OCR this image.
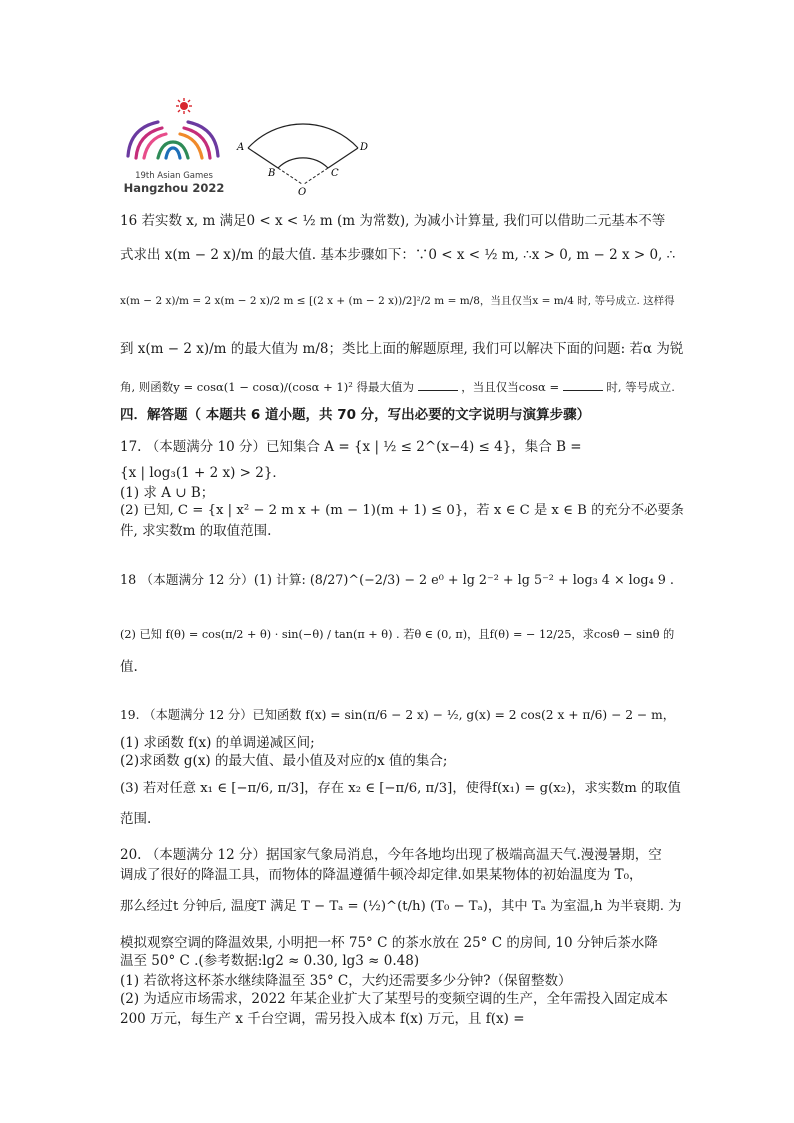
19th Asian Games
Hangzhou 2022
A
B	C
D
O
16 若实数 x, m 满足0 < x < ½ m (m 为常数), 为减小计算量, 我们可以借助二元基本不等
式求出 x(m − 2 x)/m 的最大值. 基本步骤如下：∵0 < x < ½ m, ∴x > 0, m − 2 x > 0, ∴
x(m − 2 x)/m = 2 x(m − 2 x)/2 m ≤ [(2 x + (m − 2 x))/2]²/2 m = m/8，当且仅当x = m/4 时, 等号成立. 这样得
到 x(m − 2 x)/m 的最大值为 m/8；类比上面的解题原理, 我们可以解决下面的问题: 若α 为锐
角, 则函数y = cosα(1 − cosα)/(cosα + 1)² 得最大值为	，当且仅当cosα =	时, 等号成立.
四．解答题（ 本题共 6 道小题，共 70 分，写出必要的文字说明与演算步骤）
17. （本题满分 10 分）已知集合 A = {x | ½ ≤ 2^(x−4) ≤ 4}，集合 B =
{x | log₃(1 + 2 x) > 2}．
(1) 求 A ∪ B；
(2) 已知, C = {x | x² − 2 m x + (m − 1)(m + 1) ≤ 0}，若 x ∈ C 是 x ∈ B 的充分不必要条
件, 求实数m 的取值范围.
18 （本题满分 12 分）(1) 计算: (8/27)^(−2/3) − 2 e⁰ + lg 2⁻² + lg 5⁻² + log₃ 4 × log₄ 9 .
(2) 已知 f(θ) = cos(π/2 + θ) · sin(−θ) / tan(π + θ) . 若θ ∈ (0, π)，且f(θ) = − 12/25，求cosθ − sinθ 的
值.
19. （本题满分 12 分）已知函数 f(x) = sin(π/6 − 2 x) − ½, g(x) = 2 cos(2 x + π/6) − 2 − m，
(1) 求函数 f(x) 的单调递减区间;
(2)求函数 g(x) 的最大值、最小值及对应的x 值的集合;
(3) 若对任意 x₁ ∈ [−π/6, π/3]，存在 x₂ ∈ [−π/6, π/3]，使得f(x₁) = g(x₂)，求实数m 的取值
范围.
20. （本题满分 12 分）据国家气象局消息，今年各地均出现了极端高温天气.漫漫暑期，空
调成了很好的降温工具，而物体的降温遵循牛顿冷却定律.如果某物体的初始温度为 T₀，
那么经过t 分钟后, 温度T 满足 T − Tₐ = (½)^(t/h) (T₀ − Tₐ)，其中 Tₐ 为室温,h 为半衰期. 为
模拟观察空调的降温效果, 小明把一杯 75° C 的茶水放在 25° C 的房间, 10 分钟后茶水降
温至 50° C .(参考数据:lg2 ≈ 0.30, lg3 ≈ 0.48)
(1) 若欲将这杯茶水继续降温至 35° C，大约还需要多少分钟?（保留整数）
(2) 为适应市场需求，2022 年某企业扩大了某型号的变频空调的生产，全年需投入固定成本
200 万元，每生产 x 千台空调，需另投入成本 f(x) 万元，且 f(x) =
